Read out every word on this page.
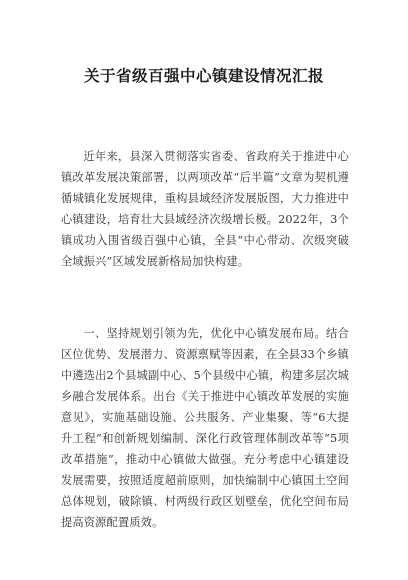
关于省级百强中心镇建设情况汇报

近年来，县深入贯彻落实省委、省政府关于推进中心镇改革发展决策部署，以两项改革“后半篇”文章为契机遵循城镇化发展规律，重构县域经济发展版图，大力推进中心镇建设，培育壮大县域经济次级增长极。2022年，3个镇成功入围省级百强中心镇，全县“中心带动、次级突破全域振兴”区域发展新格局加快构建。

一、坚持规划引领为先，优化中心镇发展布局。结合区位优势、发展潜力、资源禀赋等因素，在全县33个乡镇中遴选出2个县城副中心、5个县级中心镇，构建多层次城乡融合发展体系。出台《关于推进中心镇改革发展的实施意见》，实施基础设施、公共服务、产业集聚、等“6大提升工程”和创新规划编制、深化行政管理体制改革等“5项改革措施”，推动中心镇做大做强。充分考虑中心镇建设发展需要，按照适度超前原则，加快编制中心镇国土空间总体规划，破除镇、村两级行政区划壁垒，优化空间布局提高资源配置质效。
